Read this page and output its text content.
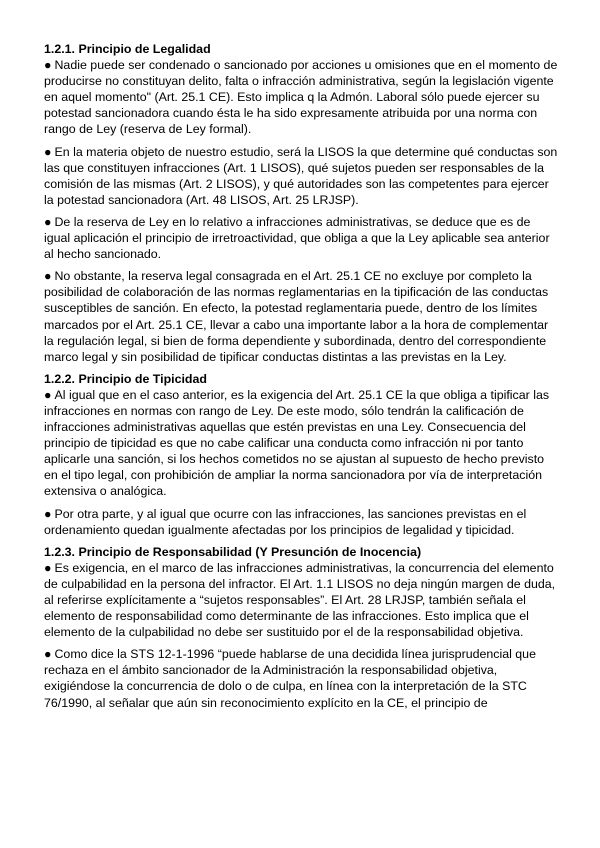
1.2.1. Principio de Legalidad

● Nadie puede ser condenado o sancionado por acciones u omisiones que en el momento de producirse no constituyan delito, falta o infracción administrativa, según la legislación vigente en aquel momento" (Art. 25.1 CE). Esto implica q la Admón. Laboral sólo puede ejercer su potestad sancionadora cuando ésta le ha sido expresamente atribuida por una norma con rango de Ley (reserva de Ley formal).

● En la materia objeto de nuestro estudio, será la LISOS la que determine qué conductas son las que constituyen infracciones (Art. 1 LISOS), qué sujetos pueden ser responsables de la comisión de las mismas (Art. 2 LISOS), y qué autoridades son las competentes para ejercer la potestad sancionadora (Art. 48 LISOS, Art. 25 LRJSP).

● De la reserva de Ley en lo relativo a infracciones administrativas, se deduce que es de igual aplicación el principio de irretroactividad, que obliga a que la Ley aplicable sea anterior al hecho sancionado.

● No obstante, la reserva legal consagrada en el Art. 25.1 CE no excluye por completo la posibilidad de colaboración de las normas reglamentarias en la tipificación de las conductas susceptibles de sanción. En efecto, la potestad reglamentaria puede, dentro de los límites marcados por el Art. 25.1 CE, llevar a cabo una importante labor a la hora de complementar la regulación legal, si bien de forma dependiente y subordinada, dentro del correspondiente marco legal y sin posibilidad de tipificar conductas distintas a las previstas en la Ley.

1.2.2. Principio de Tipicidad

● Al igual que en el caso anterior, es la exigencia del Art. 25.1 CE la que obliga a tipificar las infracciones en normas con rango de Ley. De este modo, sólo tendrán la calificación de infracciones administrativas aquellas que estén previstas en una Ley. Consecuencia del principio de tipicidad es que no cabe calificar una conducta como infracción ni por tanto aplicarle una sanción, si los hechos cometidos no se ajustan al supuesto de hecho previsto en el tipo legal, con prohibición de ampliar la norma sancionadora por vía de interpretación extensiva o analógica.

● Por otra parte, y al igual que ocurre con las infracciones, las sanciones previstas en el ordenamiento quedan igualmente afectadas por los principios de legalidad y tipicidad.

1.2.3. Principio de Responsabilidad (Y Presunción de Inocencia)

● Es exigencia, en el marco de las infracciones administrativas, la concurrencia del elemento de culpabilidad en la persona del infractor. El Art. 1.1 LISOS no deja ningún margen de duda, al referirse explícitamente a “sujetos responsables”. El Art. 28 LRJSP, también señala el elemento de responsabilidad como determinante de las infracciones. Esto implica que el elemento de la culpabilidad no debe ser sustituido por el de la responsabilidad objetiva.

● Como dice la STS 12-1-1996 “puede hablarse de una decidida línea jurisprudencial que rechaza en el ámbito sancionador de la Administración la responsabilidad objetiva, exigiéndose la concurrencia de dolo o de culpa, en línea con la interpretación de la STC 76/1990, al señalar que aún sin reconocimiento explícito en la CE, el principio de
